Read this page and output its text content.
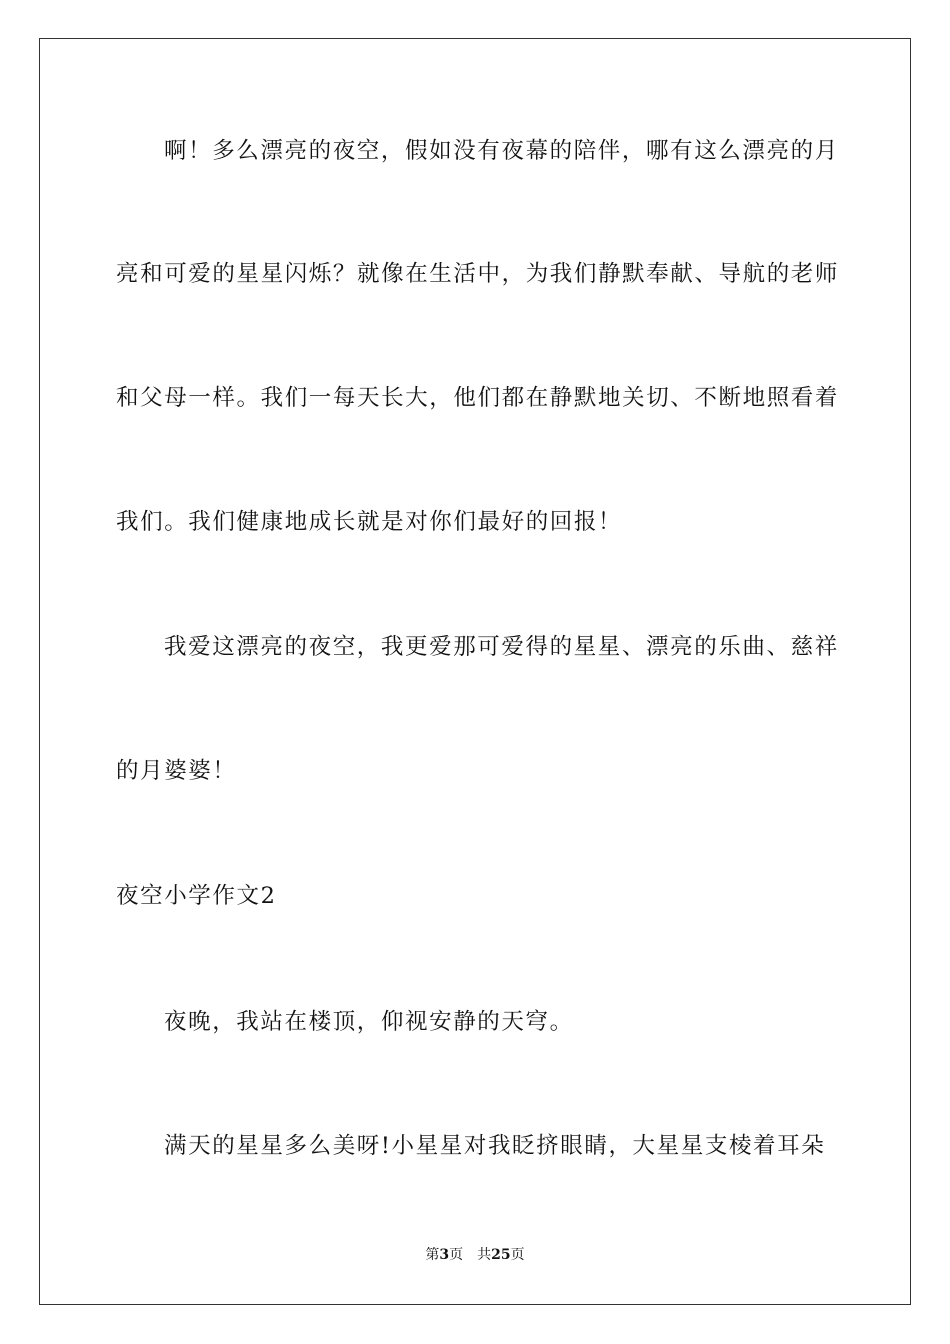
啊！多么漂亮的夜空，假如没有夜幕的陪伴，哪有这么漂亮的月
亮和可爱的星星闪烁？就像在生活中，为我们静默奉献、导航的老师
和父母一样。我们一每天长大，他们都在静默地关切、不断地照看着
我们。我们健康地成长就是对你们最好的回报！
我爱这漂亮的夜空，我更爱那可爱得的星星、漂亮的乐曲、慈祥
的月婆婆！
夜空小学作文2
夜晚，我站在楼顶，仰视安静的天穹。
满天的星星多么美呀!小星星对我眨挤眼睛，大星星支棱着耳朵
第3页 共25页
